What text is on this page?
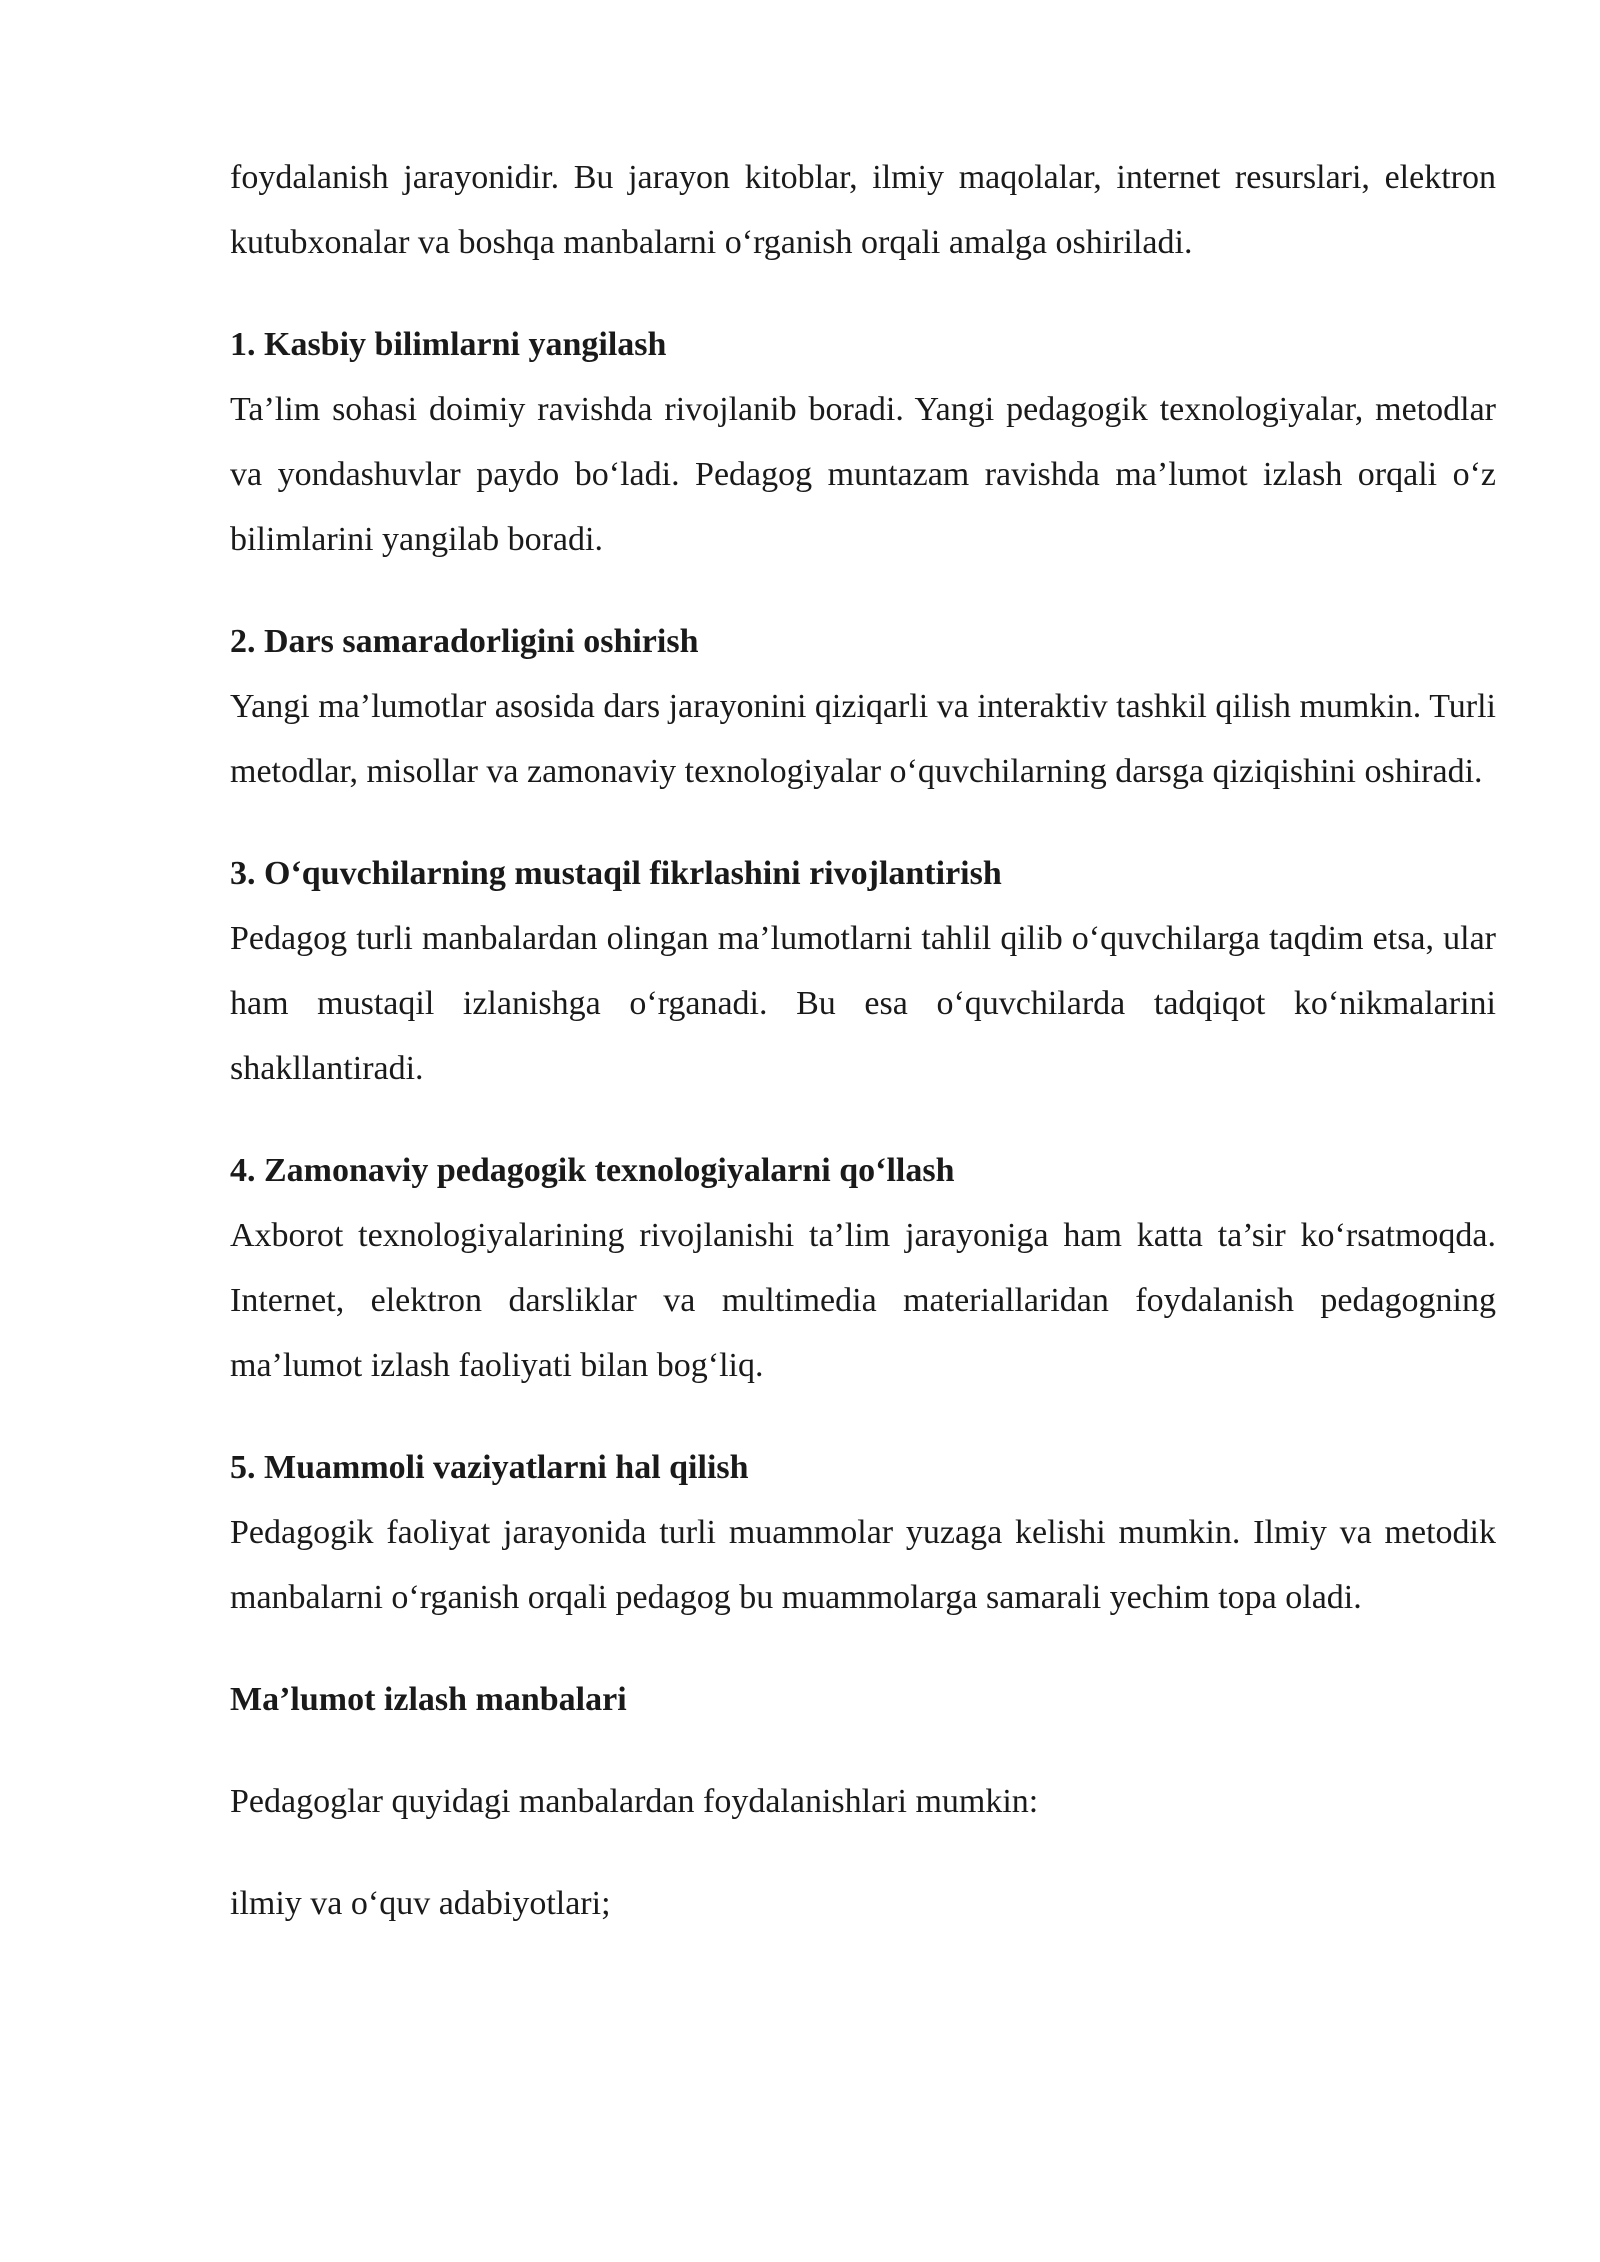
foydalanish jarayonidir. Bu jarayon kitoblar, ilmiy maqolalar, internet resurslari, elektron kutubxonalar va boshqa manbalarni o‘rganish orqali amalga oshiriladi.

1. Kasbiy bilimlarni yangilash

Ta’lim sohasi doimiy ravishda rivojlanib boradi. Yangi pedagogik texnologiyalar, metodlar va yondashuvlar paydo bo‘ladi. Pedagog muntazam ravishda ma’lumot izlash orqali o‘z bilimlarini yangilab boradi.

2. Dars samaradorligini oshirish

Yangi ma’lumotlar asosida dars jarayonini qiziqarli va interaktiv tashkil qilish mumkin. Turli metodlar, misollar va zamonaviy texnologiyalar o‘quvchilarning darsga qiziqishini oshiradi.

3. O‘quvchilarning mustaqil fikrlashini rivojlantirish

Pedagog turli manbalardan olingan ma’lumotlarni tahlil qilib o‘quvchilarga taqdim etsa, ular ham mustaqil izlanishga o‘rganadi. Bu esa o‘quvchilarda tadqiqot ko‘nikmalarini shakllantiradi.

4. Zamonaviy pedagogik texnologiyalarni qo‘llash

Axborot texnologiyalarining rivojlanishi ta’lim jarayoniga ham katta ta’sir ko‘rsatmoqda. Internet, elektron darsliklar va multimedia materiallaridan foydalanish pedagogning ma’lumot izlash faoliyati bilan bog‘liq.

5. Muammoli vaziyatlarni hal qilish

Pedagogik faoliyat jarayonida turli muammolar yuzaga kelishi mumkin. Ilmiy va metodik manbalarni o‘rganish orqali pedagog bu muammolarga samarali yechim topa oladi.

Ma’lumot izlash manbalari

Pedagoglar quyidagi manbalardan foydalanishlari mumkin:

ilmiy va o‘quv adabiyotlari;
